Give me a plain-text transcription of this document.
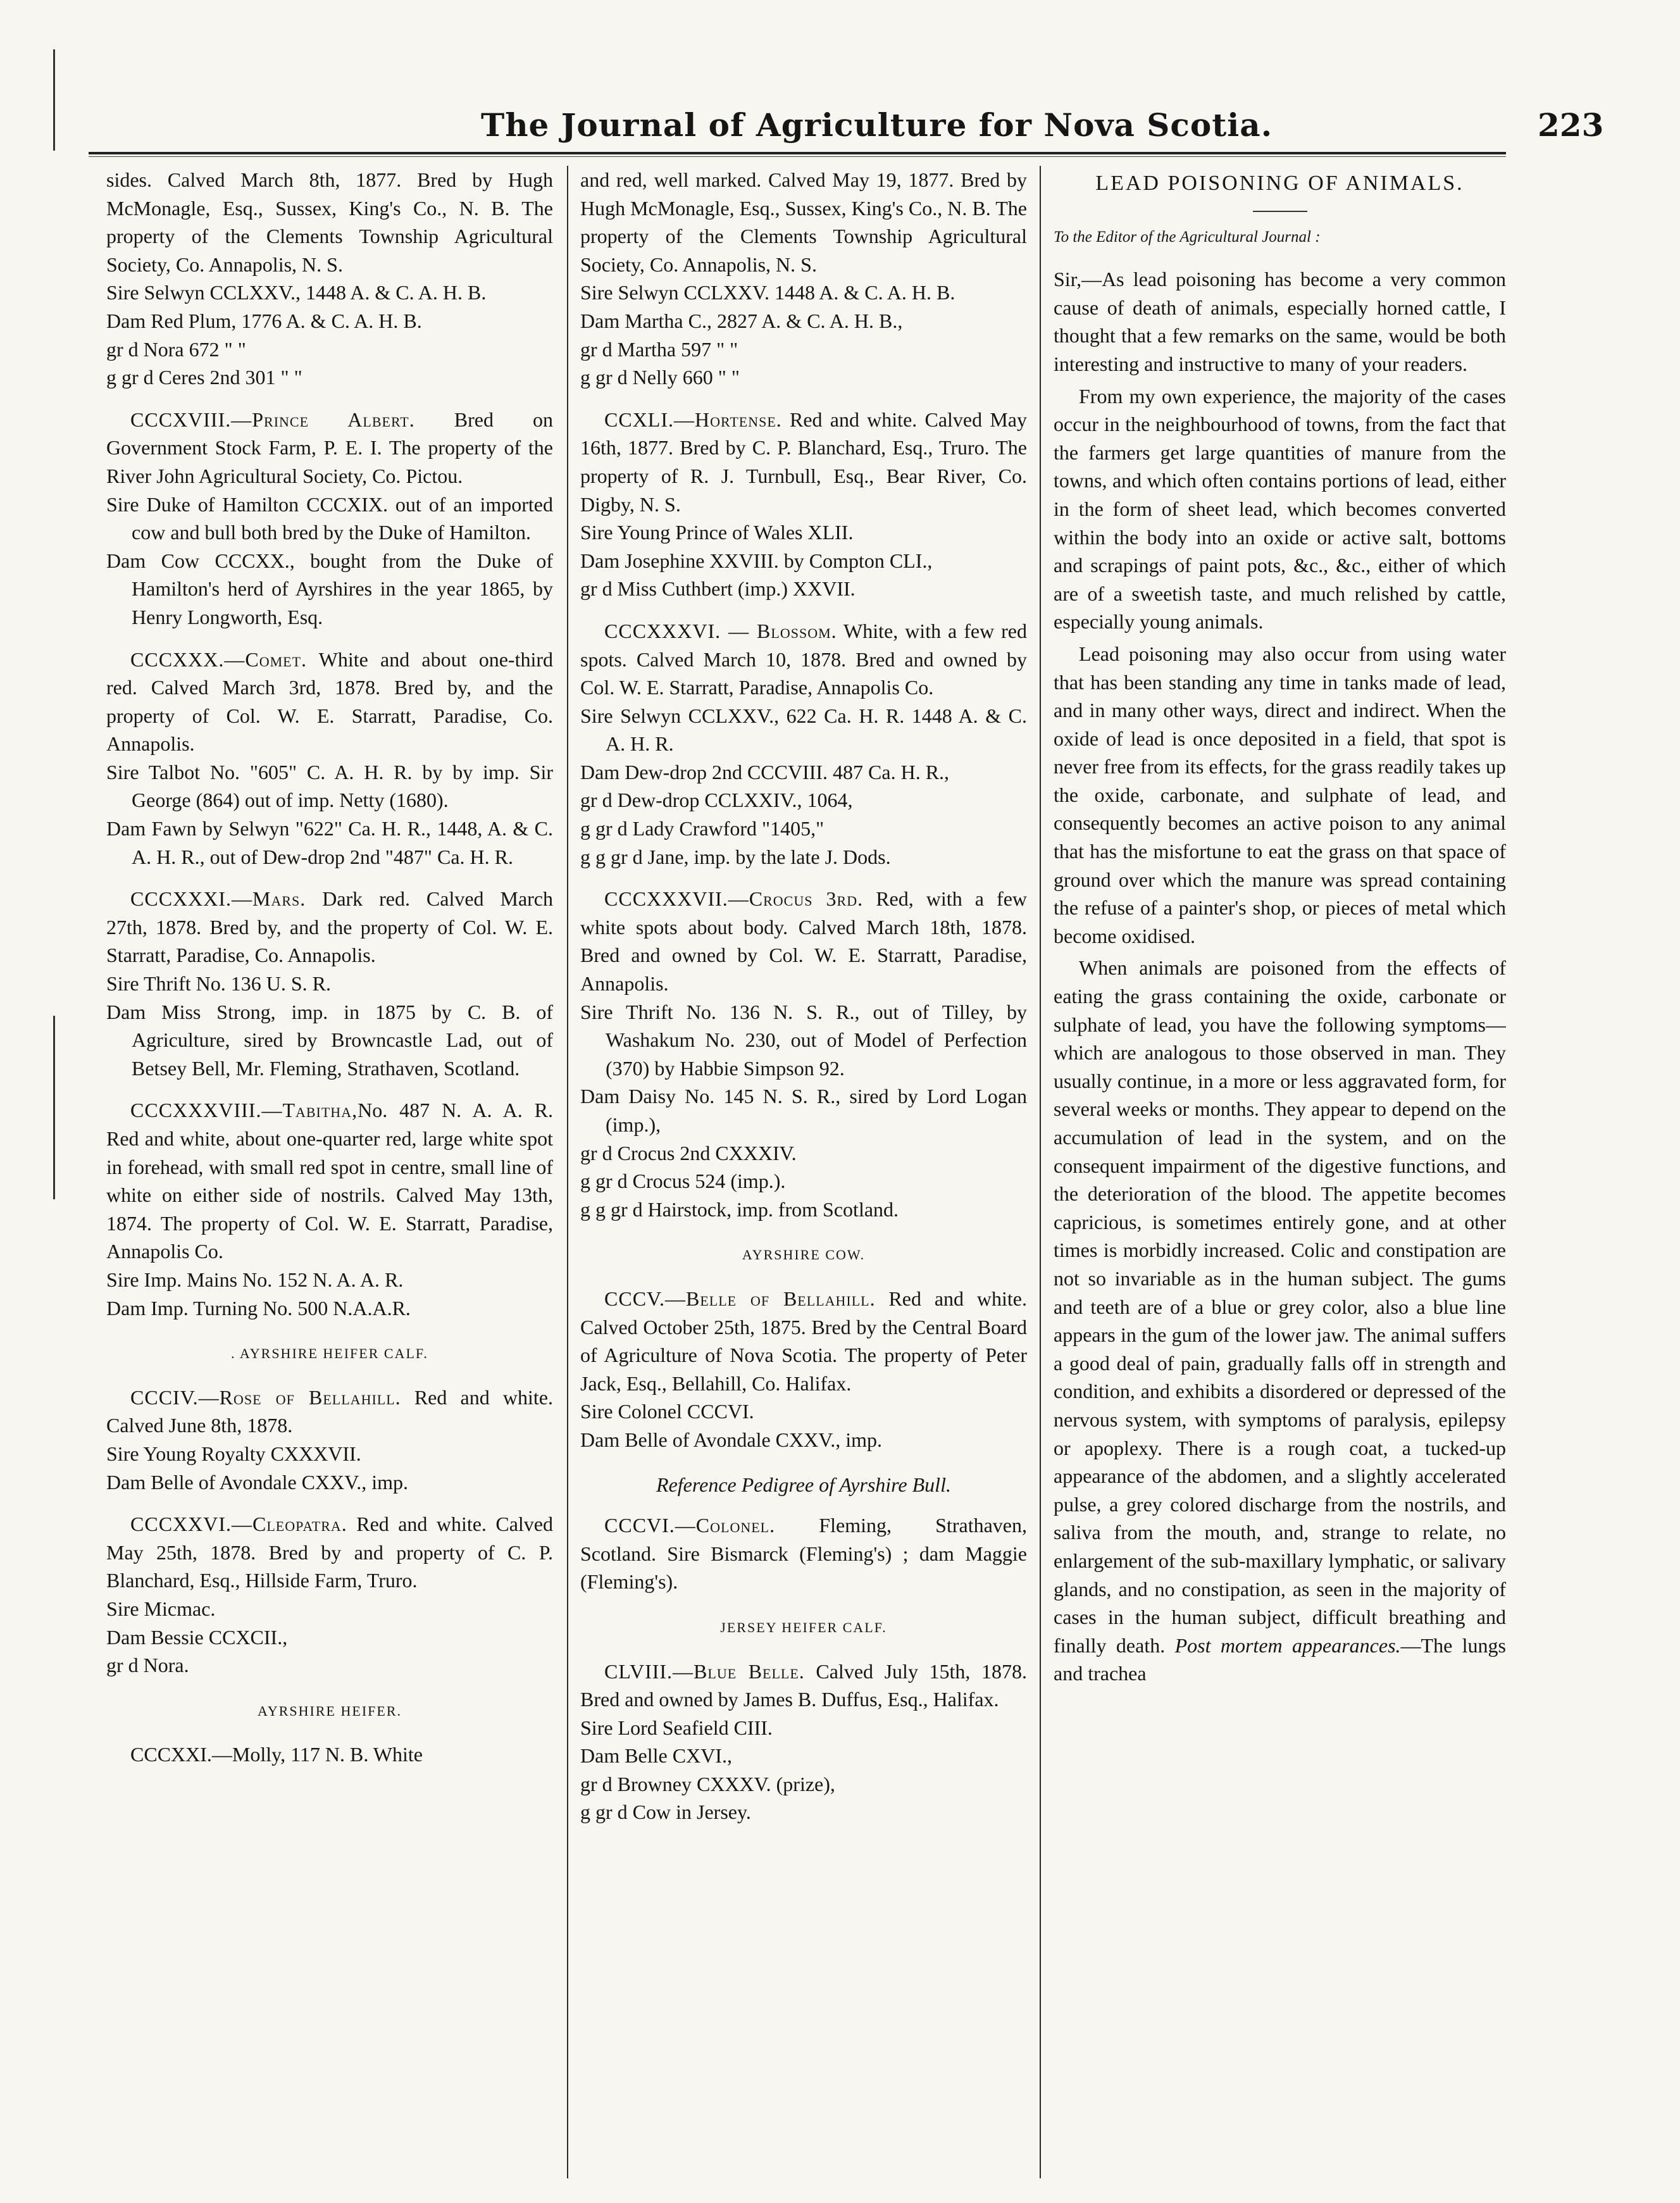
The Journal of Agriculture for Nova Scotia.	223

sides. Calved March 8th, 1877. Bred by Hugh McMonagle, Esq., Sussex, King's Co., N. B. The property of the Clements Township Agricultural Society, Co. Annapolis, N. S.

Sire Selwyn CCLXXV., 1448 A. & C. A. H. B.

Dam Red Plum, 1776 A. & C. A. H. B.

gr d Nora 672 " "

g gr d Ceres 2nd 301 " "

CCCXVIII.—Prince Albert. Bred on Government Stock Farm, P. E. I. The property of the River John Agricultural Society, Co. Pictou.

Sire Duke of Hamilton CCCXIX. out of an imported cow and bull both bred by the Duke of Hamilton.

Dam Cow CCCXX., bought from the Duke of Hamilton's herd of Ayrshires in the year 1865, by Henry Longworth, Esq.

CCCXXX.—Comet. White and about one-third red. Calved March 3rd, 1878. Bred by, and the property of Col. W. E. Starratt, Paradise, Co. Annapolis.

Sire Talbot No. "605" C. A. H. R. by by imp. Sir George (864) out of imp. Netty (1680).

Dam Fawn by Selwyn "622" Ca. H. R., 1448, A. & C. A. H. R., out of Dew-drop 2nd "487" Ca. H. R.

CCCXXXI.—Mars. Dark red. Calved March 27th, 1878. Bred by, and the property of Col. W. E. Starratt, Paradise, Co. Annapolis.

Sire Thrift No. 136 U. S. R.

Dam Miss Strong, imp. in 1875 by C. B. of Agriculture, sired by Browncastle Lad, out of Betsey Bell, Mr. Fleming, Strathaven, Scotland.

CCCXXXVIII.—Tabitha,No. 487 N. A. A. R. Red and white, about one-quarter red, large white spot in forehead, with small red spot in centre, small line of white on either side of nostrils. Calved May 13th, 1874. The property of Col. W. E. Starratt, Paradise, Annapolis Co.

Sire Imp. Mains No. 152 N. A. A. R.

Dam Imp. Turning No. 500 N.A.A.R.

. AYRSHIRE HEIFER CALF.

CCCIV.—Rose of Bellahill. Red and white. Calved June 8th, 1878.

Sire Young Royalty CXXXVII.

Dam Belle of Avondale CXXV., imp.

CCCXXVI.—Cleopatra. Red and white. Calved May 25th, 1878. Bred by and property of C. P. Blanchard, Esq., Hillside Farm, Truro.

Sire Micmac.

Dam Bessie CCXCII.,

gr d Nora.

AYRSHIRE HEIFER.

CCCXXI.—Molly, 117 N. B. White

and red, well marked. Calved May 19, 1877. Bred by Hugh McMonagle, Esq., Sussex, King's Co., N. B. The property of the Clements Township Agricultural Society, Co. Annapolis, N. S.

Sire Selwyn CCLXXV. 1448 A. & C. A. H. B.

Dam Martha C., 2827 A. & C. A. H. B.,

gr d Martha 597 " "

g gr d Nelly 660 " "

CCXLI.—Hortense. Red and white. Calved May 16th, 1877. Bred by C. P. Blanchard, Esq., Truro. The property of R. J. Turnbull, Esq., Bear River, Co. Digby, N. S.

Sire Young Prince of Wales XLII.

Dam Josephine XXVIII. by Compton CLI.,

gr d Miss Cuthbert (imp.) XXVII.

CCCXXXVI. — Blossom. White, with a few red spots. Calved March 10, 1878. Bred and owned by Col. W. E. Starratt, Paradise, Annapolis Co.

Sire Selwyn CCLXXV., 622 Ca. H. R. 1448 A. & C. A. H. R.

Dam Dew-drop 2nd CCCVIII. 487 Ca. H. R.,

gr d Dew-drop CCLXXIV., 1064,

g gr d Lady Crawford "1405,"

g g gr d Jane, imp. by the late J. Dods.

CCCXXXVII.—Crocus 3rd. Red, with a few white spots about body. Calved March 18th, 1878. Bred and owned by Col. W. E. Starratt, Paradise, Annapolis.

Sire Thrift No. 136 N. S. R., out of Tilley, by Washakum No. 230, out of Model of Perfection (370) by Habbie Simpson 92.

Dam Daisy No. 145 N. S. R., sired by Lord Logan (imp.),

gr d Crocus 2nd CXXXIV.

g gr d Crocus 524 (imp.).

g g gr d Hairstock, imp. from Scotland.

AYRSHIRE COW.

CCCV.—Belle of Bellahill. Red and white. Calved October 25th, 1875. Bred by the Central Board of Agriculture of Nova Scotia. The property of Peter Jack, Esq., Bellahill, Co. Halifax.

Sire Colonel CCCVI.

Dam Belle of Avondale CXXV., imp.

Reference Pedigree of Ayrshire Bull.

CCCVI.—Colonel. Fleming, Strathaven, Scotland. Sire Bismarck (Fleming's) ; dam Maggie (Fleming's).

JERSEY HEIFER CALF.

CLVIII.—Blue Belle. Calved July 15th, 1878. Bred and owned by James B. Duffus, Esq., Halifax.

Sire Lord Seafield CIII.

Dam Belle CXVI.,

gr d Browney CXXXV. (prize),

g gr d Cow in Jersey.

LEAD POISONING OF ANIMALS.
To the Editor of the Agricultural Journal :

Sir,—As lead poisoning has become a very common cause of death of animals, especially horned cattle, I thought that a few remarks on the same, would be both interesting and instructive to many of your readers.

From my own experience, the majority of the cases occur in the neighbourhood of towns, from the fact that the farmers get large quantities of manure from the towns, and which often contains portions of lead, either in the form of sheet lead, which becomes converted within the body into an oxide or active salt, bottoms and scrapings of paint pots, &c., &c., either of which are of a sweetish taste, and much relished by cattle, especially young animals.

Lead poisoning may also occur from using water that has been standing any time in tanks made of lead, and in many other ways, direct and indirect. When the oxide of lead is once deposited in a field, that spot is never free from its effects, for the grass readily takes up the oxide, carbonate, and sulphate of lead, and consequently becomes an active poison to any animal that has the misfortune to eat the grass on that space of ground over which the manure was spread containing the refuse of a painter's shop, or pieces of metal which become oxidised.

When animals are poisoned from the effects of eating the grass containing the oxide, carbonate or sulphate of lead, you have the following symptoms—which are analogous to those observed in man. They usually continue, in a more or less aggravated form, for several weeks or months. They appear to depend on the accumulation of lead in the system, and on the consequent impairment of the digestive functions, and the deterioration of the blood. The appetite becomes capricious, is sometimes entirely gone, and at other times is morbidly increased. Colic and constipation are not so invariable as in the human subject. The gums and teeth are of a blue or grey color, also a blue line appears in the gum of the lower jaw. The animal suffers a good deal of pain, gradually falls off in strength and condition, and exhibits a disordered or depressed of the nervous system, with symptoms of paralysis, epilepsy or apoplexy. There is a rough coat, a tucked-up appearance of the abdomen, and a slightly accelerated pulse, a grey colored discharge from the nostrils, and saliva from the mouth, and, strange to relate, no enlargement of the sub-maxillary lymphatic, or salivary glands, and no constipation, as seen in the majority of cases in the human subject, difficult breathing and finally death. Post mortem appearances.—The lungs and trachea
